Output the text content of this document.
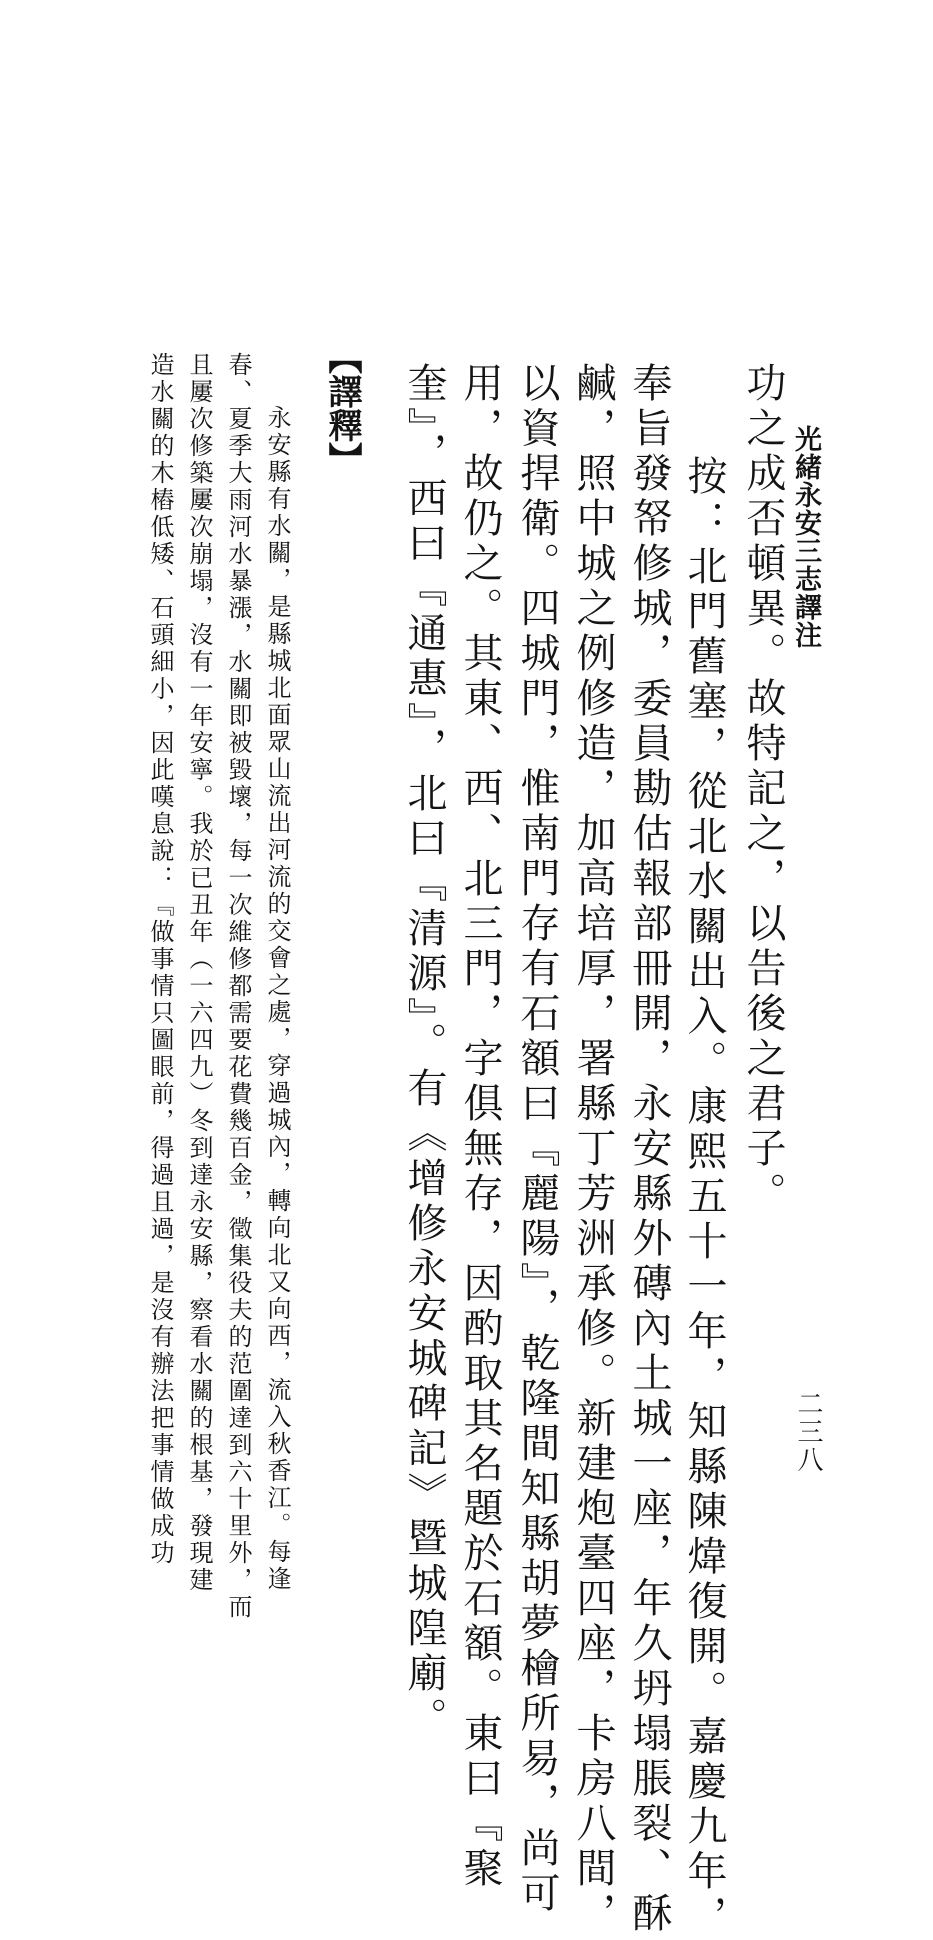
光緒永安三志譯注
二三八
功之成否頓異。故特記之，以告後之君子。
按：北門舊塞，從北水關出入。康熙五十一年，知縣陳煒復開。嘉慶九年，
奉旨發帑修城，委員勘估報部冊開，永安縣外磚內土城一座，年久坍塌脹裂、酥
鹹，照中城之例修造，加高培厚，署縣丁芳洲承修。新建炮臺四座，卡房八間，
以資捍衛。四城門，惟南門存有石額曰『麗陽』，乾隆間知縣胡夢檜所易，尚可
用，故仍之。其東、西、北三門，字俱無存，因酌取其名題於石額。東曰『聚
奎』，西曰『通惠』，北曰『清源』。有《增修永安城碑記》暨城隍廟。
【譯釋】
永安縣有水關，是縣城北面眾山流出河流的交會之處，穿過城內，轉向北又向西，流入秋香江。每逢
春、夏季大雨河水暴漲，水關即被毀壞，每一次維修都需要花費幾百金，徵集役夫的范圍達到六十里外，而
且屢次修築屢次崩塌，沒有一年安寧。我於已丑年（一六四九）冬到達永安縣，察看水關的根基，發現建
造水關的木樁低矮、石頭細小，因此嘆息說：『做事情只圖眼前，得過且過，是沒有辦法把事情做成功
